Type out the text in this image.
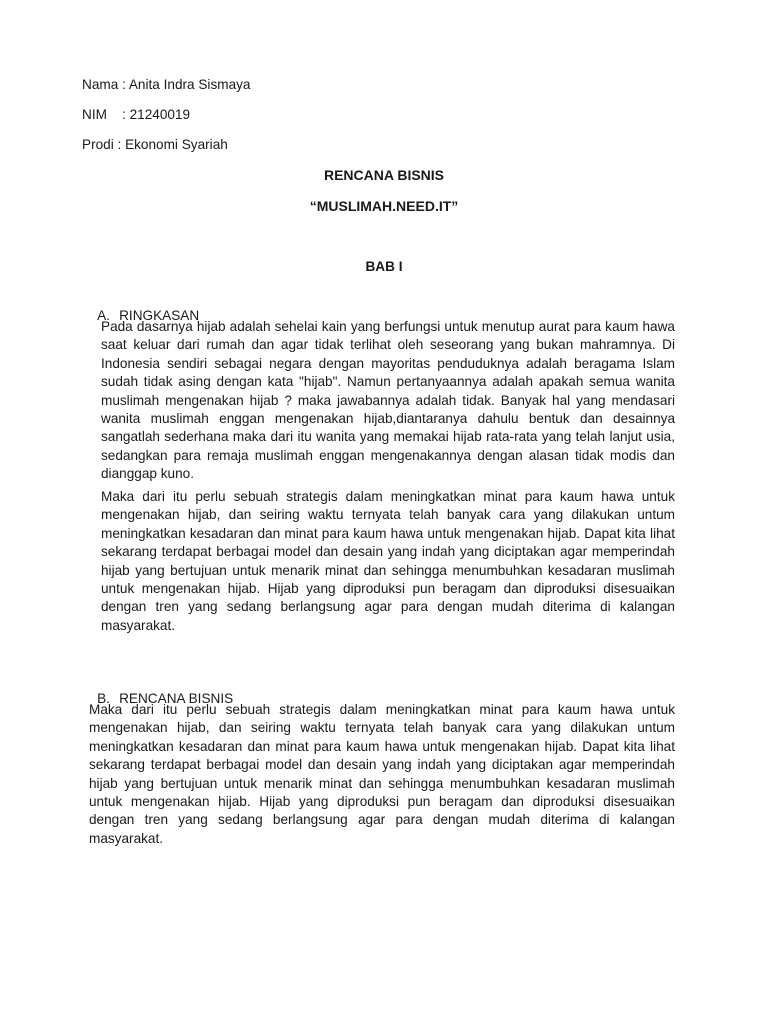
Nama : Anita Indra Sismaya
NIM    : 21240019
Prodi : Ekonomi Syariah
RENCANA BISNIS
“MUSLIMAH.NEED.IT”
BAB I

A. RINGKASAN

Pada dasarnya hijab adalah sehelai kain yang berfungsi untuk menutup aurat para kaum hawa saat keluar dari rumah dan agar tidak terlihat oleh seseorang yang bukan mahramnya. Di Indonesia sendiri sebagai negara dengan mayoritas penduduknya adalah beragama Islam sudah tidak asing dengan kata "hijab". Namun pertanyaannya adalah apakah semua wanita muslimah mengenakan hijab ? maka jawabannya adalah tidak. Banyak hal yang mendasari wanita muslimah enggan mengenakan hijab,diantaranya dahulu bentuk dan desainnya sangatlah sederhana maka dari itu wanita yang memakai hijab rata-rata yang telah lanjut usia, sedangkan para remaja muslimah enggan mengenakannya dengan alasan tidak modis dan dianggap kuno.

Maka dari itu perlu sebuah strategis dalam meningkatkan minat para kaum hawa untuk mengenakan hijab, dan seiring waktu ternyata telah banyak cara yang dilakukan untum meningkatkan kesadaran dan minat para kaum hawa untuk mengenakan hijab. Dapat kita lihat sekarang terdapat berbagai model dan desain yang indah yang diciptakan agar memperindah hijab yang bertujuan untuk menarik minat dan sehingga menumbuhkan kesadaran muslimah untuk mengenakan hijab. Hijab yang diproduksi pun beragam dan diproduksi disesuaikan dengan tren yang sedang berlangsung agar para dengan mudah diterima di kalangan masyarakat.

B. RENCANA BISNIS

Maka dari itu perlu sebuah strategis dalam meningkatkan minat para kaum hawa untuk mengenakan hijab, dan seiring waktu ternyata telah banyak cara yang dilakukan untum meningkatkan kesadaran dan minat para kaum hawa untuk mengenakan hijab. Dapat kita lihat sekarang terdapat berbagai model dan desain yang indah yang diciptakan agar memperindah hijab yang bertujuan untuk menarik minat dan sehingga menumbuhkan kesadaran muslimah untuk mengenakan hijab. Hijab yang diproduksi pun beragam dan diproduksi disesuaikan dengan tren yang sedang berlangsung agar para dengan mudah diterima di kalangan masyarakat.
